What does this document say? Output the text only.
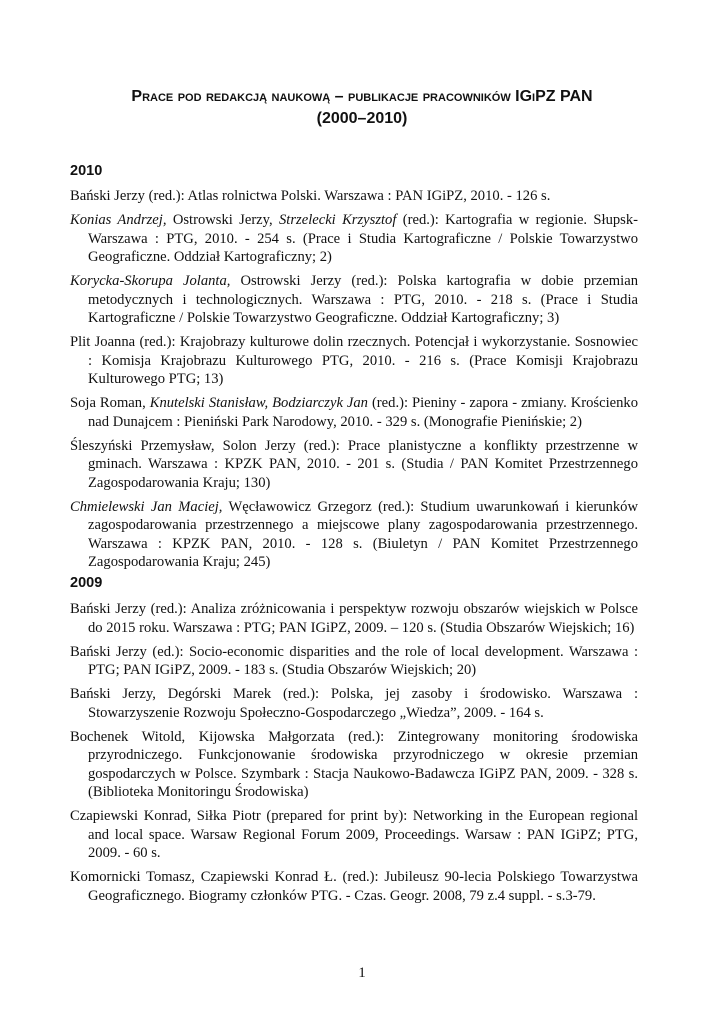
Prace pod redakcją naukową – publikacje pracowników IGiPZ PAN
(2000–2010)
2010
Bański Jerzy (red.): Atlas rolnictwa Polski. Warszawa : PAN IGiPZ, 2010. - 126 s.
Konias Andrzej, Ostrowski Jerzy, Strzelecki Krzysztof (red.): Kartografia w regionie. Słupsk-Warszawa : PTG, 2010. - 254 s. (Prace i Studia Kartograficzne / Polskie Towarzystwo Geograficzne. Oddział Kartograficzny; 2)
Korycka-Skorupa Jolanta, Ostrowski Jerzy (red.): Polska kartografia w dobie przemian metodycznych i technologicznych. Warszawa : PTG, 2010. - 218 s. (Prace i Studia Kartograficzne / Polskie Towarzystwo Geograficzne. Oddział Kartograficzny; 3)
Plit Joanna (red.): Krajobrazy kulturowe dolin rzecznych. Potencjał i wykorzystanie. Sosnowiec : Komisja Krajobrazu Kulturowego PTG, 2010. - 216 s. (Prace Komisji Krajobrazu Kulturowego PTG; 13)
Soja Roman, Knutelski Stanisław, Bodziarczyk Jan (red.): Pieniny - zapora - zmiany. Krościenko nad Dunajcem : Pieniński Park Narodowy, 2010. - 329 s. (Monografie Pienińskie; 2)
Śleszyński Przemysław, Solon Jerzy (red.): Prace planistyczne a konflikty przestrzenne w gminach. Warszawa : KPZK PAN, 2010. - 201 s. (Studia / PAN Komitet Przestrzennego Zagospodarowania Kraju; 130)
Chmielewski Jan Maciej, Węcławowicz Grzegorz (red.): Studium uwarunkowań i kierunków zagospodarowania przestrzennego a miejscowe plany zagospodarowania przestrzennego. Warszawa : KPZK PAN, 2010. - 128 s. (Biuletyn / PAN Komitet Przestrzennego Zagospodarowania Kraju; 245)
2009
Bański Jerzy (red.): Analiza zróżnicowania i perspektyw rozwoju obszarów wiejskich w Polsce do 2015 roku. Warszawa : PTG; PAN IGiPZ, 2009. – 120 s. (Studia Obszarów Wiejskich; 16)
Bański Jerzy (ed.): Socio-economic disparities and the role of local development. Warszawa : PTG; PAN IGiPZ, 2009. - 183 s. (Studia Obszarów Wiejskich; 20)
Bański Jerzy, Degórski Marek (red.): Polska, jej zasoby i środowisko. Warszawa : Stowarzyszenie Rozwoju Społeczno-Gospodarczego „Wiedza”, 2009. - 164 s.
Bochenek Witold, Kijowska Małgorzata (red.): Zintegrowany monitoring środowiska przyrodniczego. Funkcjonowanie środowiska przyrodniczego w okresie przemian gospodarczych w Polsce. Szymbark : Stacja Naukowo-Badawcza IGiPZ PAN, 2009. - 328 s. (Biblioteka Monitoringu Środowiska)
Czapiewski Konrad, Siłka Piotr (prepared for print by): Networking in the European regional and local space. Warsaw Regional Forum 2009, Proceedings. Warsaw : PAN IGiPZ; PTG, 2009. - 60 s.
Komornicki Tomasz, Czapiewski Konrad Ł. (red.): Jubileusz 90-lecia Polskiego Towarzystwa Geograficznego. Biogramy członków PTG. - Czas. Geogr. 2008, 79 z.4 suppl. - s.3-79.

1
